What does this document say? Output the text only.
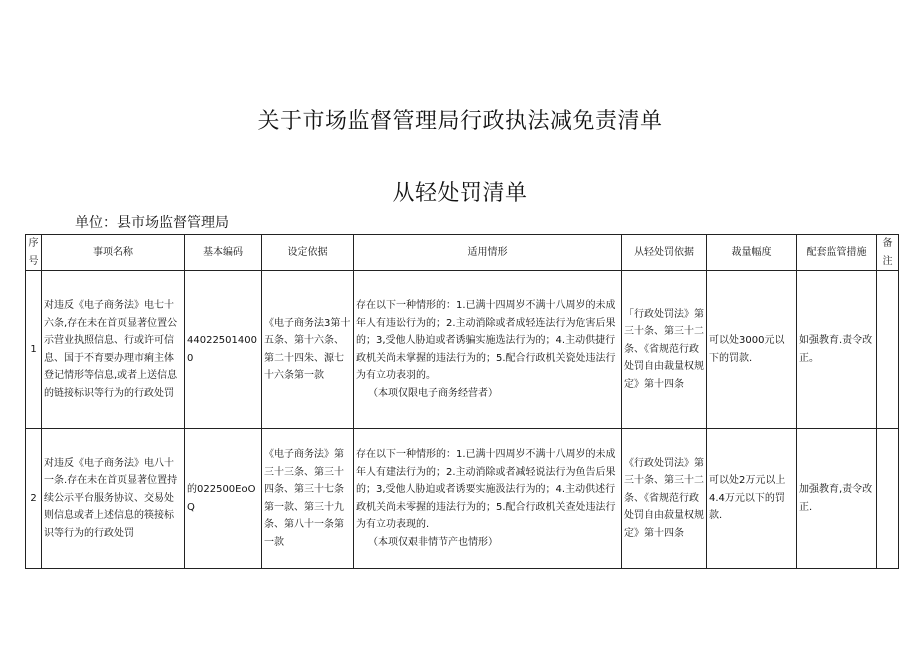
关于市场监督管理局行政执法减免责清单
从轻处罚清单
单位：县市场监督管理局
序号	事项名称	基本编码	设定依据	适用情形	从轻处罚依据	裁量幅度	配套监管措施	备注
1	对违反《电子商务法》电七十六条,存在未在首页显著位置公示营业执照信息、行或许可信息、国于不育要办理市痢主体登记情形等信息,或者上送信息的链接标识等行为的行政处罚	440225014000	《电子商务法3第十五条、第十六条、第二十四朱、源七十六条第一款	存在以下一种情形的：1.已满十四周岁不满十八周岁的未成年人有违讼行为的；2.主动消除或者成轻连法行为危害后果的；3,受他人胁迫或者诱骗实施选法行为的；4.主动供捷行政机关尚未掌握的违法行为的；5.配合行政机关瓷处违法行为有立功表羽的。
（本项仅限电子商务经营者）	「行政处罚法》第三十条、第三十二条、《省规范行政处罚自由裁量权规定》第十四条	可以处3000元以下的罚款.	如强教育.责令改正。	
2	对违反《电子商务法》电八十一条.存在未在首页显著位置持续公示平台服务协议、交易处则信息或者上述信息的筷接标识等行为的行政处罚	的022500EoOQ	《电子商务法》第三十三条、第三十四条、第三十七条第一款、第三十九条、第八十一条第一款	存在以下一种情形的：1.已满十四周岁不满十八周岁的未成年人有建法行为的；2.主动消除或者减轻说法行为鱼告后果的；3,受他人胁迫或者诱要实施汲法行为的；4.主动供述行政机关尚未零握的违法行为的；5.配合行政机关查处违法行为有立功表现的.
（本项仅艰非情节产也情形）	《行政处罚法》第三十条、第三十二条、《省规范行政处罚自由菽量权规定》第十四条	可以处2万元以上4.4万元以下的罚款.	加强教育,责令改正.	
